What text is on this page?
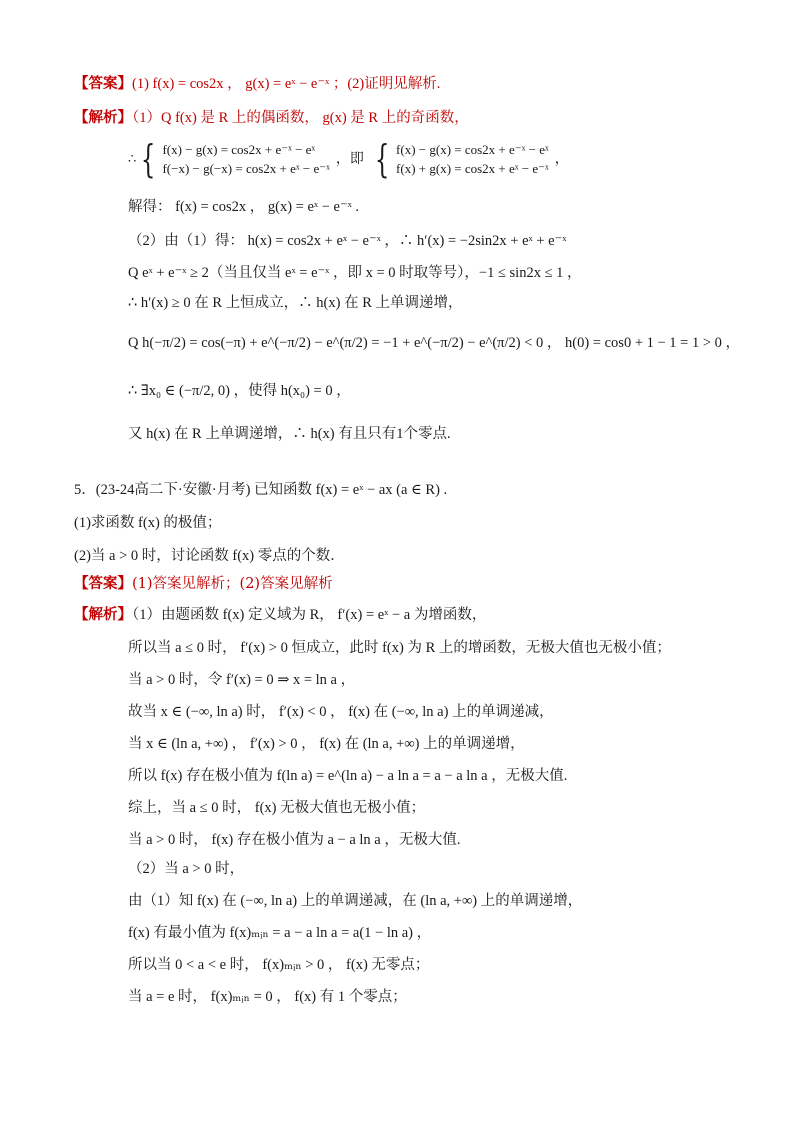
【答案】(1) f(x) = cos2x ， g(x) = eˣ − e⁻ˣ ；(2)证明见解析.
【解析】（1）Q f(x) 是 R 上的偶函数， g(x) 是 R 上的奇函数，
∴ { f(x) − g(x) = cos2x + e⁻ˣ − eˣ
f(−x) − g(−x) = cos2x + eˣ − e⁻ˣ
，即 { f(x) − g(x) = cos2x + e⁻ˣ − eˣ
f(x) + g(x) = cos2x + eˣ − e⁻ˣ
，
解得： f(x) = cos2x ， g(x) = eˣ − e⁻ˣ .
（2）由（1）得： h(x) = cos2x + eˣ − e⁻ˣ ，∴ h′(x) = −2sin2x + eˣ + e⁻ˣ
Q eˣ + e⁻ˣ ≥ 2（当且仅当 eˣ = e⁻ˣ ，即 x = 0 时取等号），−1 ≤ sin2x ≤ 1 ，
∴ h′(x) ≥ 0 在 R 上恒成立，∴ h(x) 在 R 上单调递增，
Q h(−π/2) = cos(−π) + e^(−π/2) − e^(π/2) = −1 + e^(−π/2) − e^(π/2) < 0 ， h(0) = cos0 + 1 − 1 = 1 > 0 ，
∴ ∃x₀ ∈ (−π/2, 0) ，使得 h(x₀) = 0 ，
又 h(x) 在 R 上单调递增，∴ h(x) 有且只有1个零点.
5．(23-24高二下·安徽·月考) 已知函数 f(x) = eˣ − ax (a ∈ R) .
(1)求函数 f(x) 的极值；
(2)当 a > 0 时，讨论函数 f(x) 零点的个数．
【答案】(1)答案见解析；(2)答案见解析
【解析】（1）由题函数 f(x) 定义域为 R， f′(x) = eˣ − a 为增函数，
所以当 a ≤ 0 时， f′(x) > 0 恒成立，此时 f(x) 为 R 上的增函数，无极大值也无极小值；
当 a > 0 时，令 f′(x) = 0 ⇒ x = ln a ，
故当 x ∈ (−∞, ln a) 时， f′(x) < 0 ， f(x) 在 (−∞, ln a) 上的单调递减，
当 x ∈ (ln a, +∞) ， f′(x) > 0 ， f(x) 在 (ln a, +∞) 上的单调递增，
所以 f(x) 存在极小值为 f(ln a) = e^(ln a) − a ln a = a − a ln a ，无极大值.
综上，当 a ≤ 0 时， f(x) 无极大值也无极小值；
当 a > 0 时， f(x) 存在极小值为 a − a ln a ，无极大值.
（2）当 a > 0 时，
由（1）知 f(x) 在 (−∞, ln a) 上的单调递减，在 (ln a, +∞) 上的单调递增，
f(x) 有最小值为 f(x)ₘᵢₙ = a − a ln a = a(1 − ln a) ，
所以当 0 < a < e 时， f(x)ₘᵢₙ > 0 ， f(x) 无零点；
当 a = e 时， f(x)ₘᵢₙ = 0 ， f(x) 有 1 个零点；
